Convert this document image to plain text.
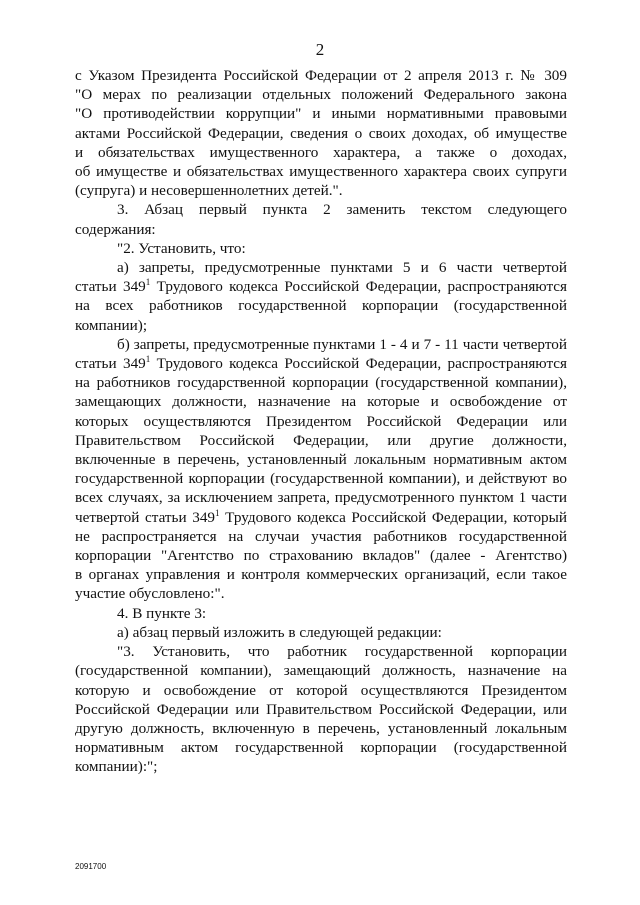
2
с Указом Президента Российской Федерации от 2 апреля 2013 г. № 309
"О мерах по реализации отдельных положений Федерального закона
"О противодействии коррупции" и иными нормативными правовыми
актами Российской Федерации, сведения о своих доходах, об имуществе
и обязательствах имущественного характера, а также о доходах,
об имуществе и обязательствах имущественного характера своих супруги
(супруга) и несовершеннолетних детей.".
3. Абзац первый пункта 2 заменить текстом следующего
содержания:
"2. Установить, что:
а) запреты, предусмотренные пунктами 5 и 6 части четвертой
статьи $349^1$ Трудового кодекса Российской Федерации, распространяются
на всех работников государственной корпорации (государственной
компании);
б) запреты, предусмотренные пунктами 1 - 4 и 7 - 11 части четвертой
статьи $349^1$ Трудового кодекса Российской Федерации, распространяются
на работников государственной корпорации (государственной компании),
замещающих должности, назначение на которые и освобождение от
которых осуществляются Президентом Российской Федерации или
Правительством Российской Федерации, или другие должности,
включенные в перечень, установленный локальным нормативным актом
государственной корпорации (государственной компании), и действуют во
всех случаях, за исключением запрета, предусмотренного пунктом 1 части
четвертой статьи $349^1$ Трудового кодекса Российской Федерации, который
не распространяется на случаи участия работников государственной
корпорации "Агентство по страхованию вкладов" (далее - Агентство)
в органах управления и контроля коммерческих организаций, если такое
участие обусловлено:".
4. В пункте 3:
а) абзац первый изложить в следующей редакции:
"3. Установить, что работник государственной корпорации
(государственной компании), замещающий должность, назначение на
которую и освобождение от которой осуществляются Президентом
Российской Федерации или Правительством Российской Федерации, или
другую должность, включенную в перечень, установленный локальным
нормативным актом государственной корпорации (государственной
компании):";
2091700
